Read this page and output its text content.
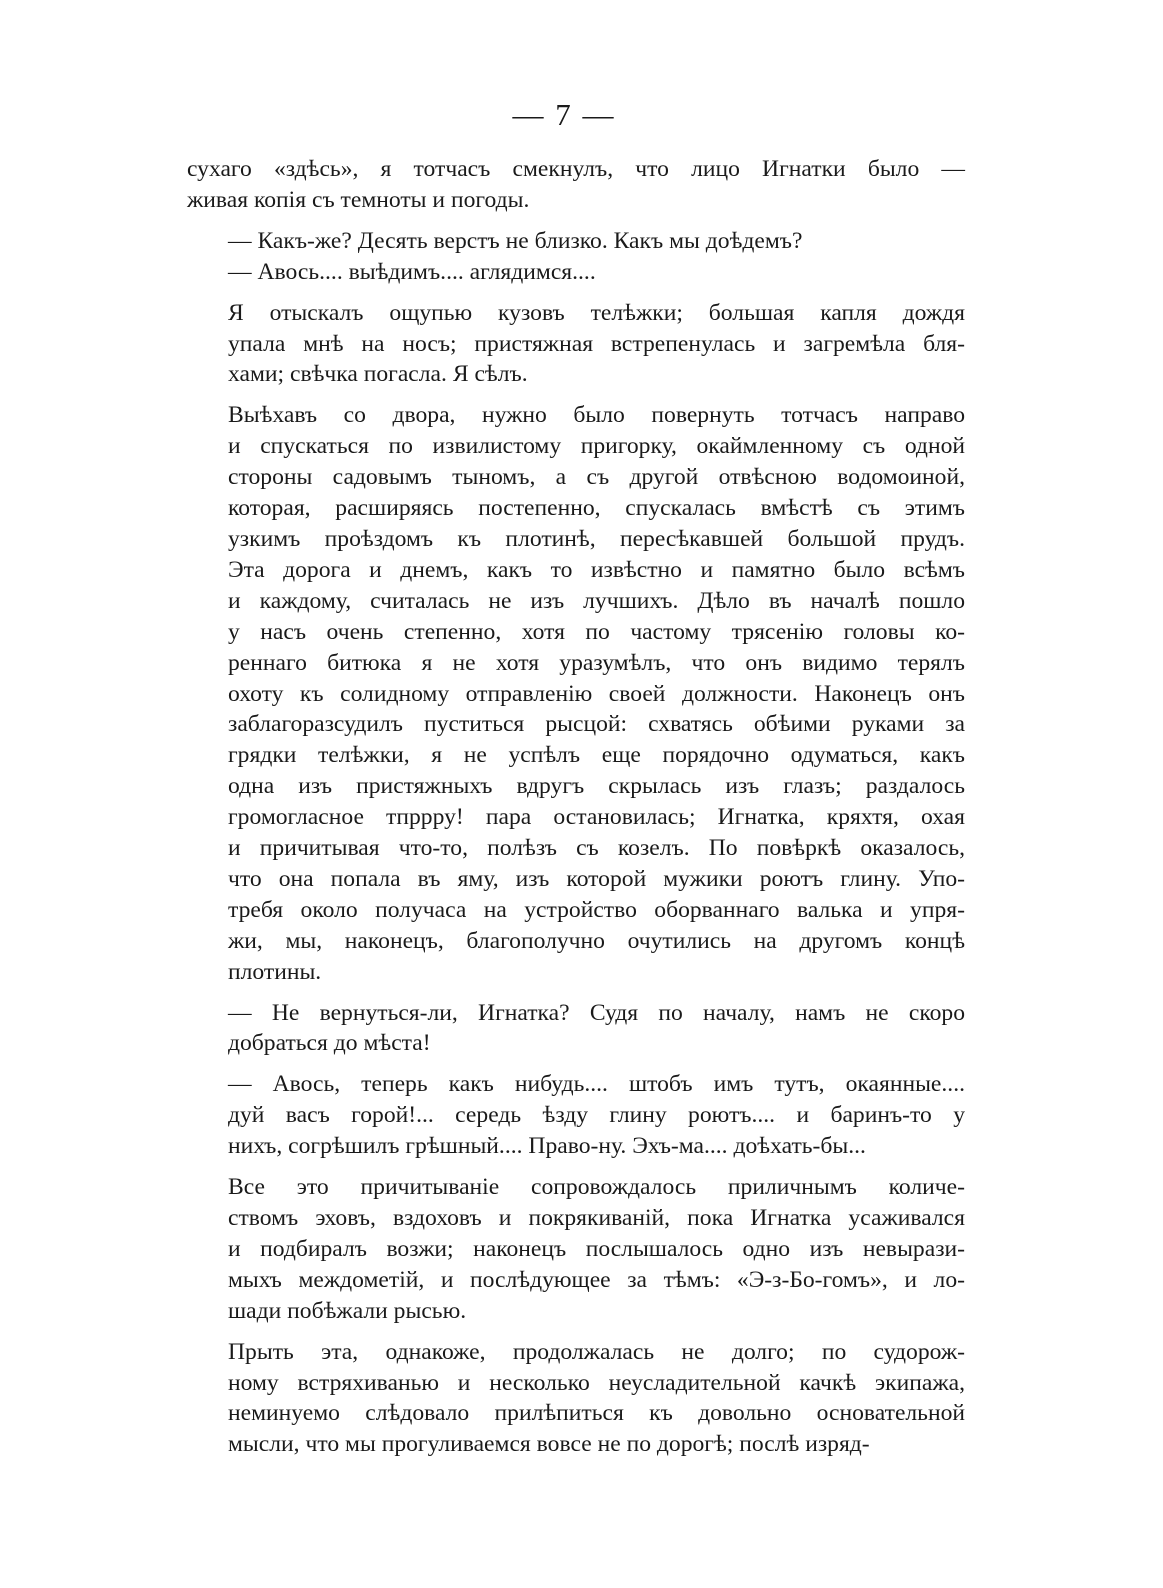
— 7 —
сухаго «здѣсь», я тотчасъ смекнулъ, что лицо Игнатки было —
живая копія съ темноты и погоды.
— Какъ-же? Десять верстъ не близко. Какъ мы доѣдемъ?
— Авось.... выѣдимъ.... аглядимся....
Я отыскалъ ощупью кузовъ телѣжки; большая капля дождя
упала мнѣ на носъ; пристяжная встрепенулась и загремѣла бля-
хами; свѣчка погасла. Я сѣлъ.
Выѣхавъ со двора, нужно было повернуть тотчасъ направо
и спускаться по извилистому пригорку, окаймленному съ одной
стороны садовымъ тыномъ, а съ другой отвѣсною водомоиной,
которая, расширяясь постепенно, спускалась вмѣстѣ съ этимъ
узкимъ проѣздомъ къ плотинѣ, пересѣкавшей большой прудъ.
Эта дорога и днемъ, какъ то извѣстно и памятно было всѣмъ
и каждому, считалась не изъ лучшихъ. Дѣло въ началѣ пошло
у насъ очень степенно, хотя по частому трясенію головы ко-
реннаго битюка я не хотя уразумѣлъ, что онъ видимо терялъ
охоту къ солидному отправленію своей должности. Наконецъ онъ
заблагоразсудилъ пуститься рысцой: схватясь обѣими руками за
грядки телѣжки, я не успѣлъ еще порядочно одуматься, какъ
одна изъ пристяжныхъ вдругъ скрылась изъ глазъ; раздалось
громогласное тпррру! пара остановилась; Игнатка, кряхтя, охая
и причитывая что-то, полѣзъ съ козелъ. По повѣркѣ оказалось,
что она попала въ яму, изъ которой мужики роютъ глину. Упо-
требя около получаса на устройство оборваннаго валька и упря-
жи, мы, наконецъ, благополучно очутились на другомъ концѣ
плотины.
— Не вернуться-ли, Игнатка? Судя по началу, намъ не скоро
добраться до мѣста!
— Авось, теперь какъ нибудь.... штобъ имъ тутъ, окаянные....
дуй васъ горой!... середь ѣзду глину роютъ.... и баринъ-то у
нихъ, согрѣшилъ грѣшный.... Право-ну. Эхъ-ма.... доѣхать-бы...
Все это причитываніе сопровождалось приличнымъ количе-
ствомъ эховъ, вздоховъ и покрякиваній, пока Игнатка усаживался
и подбиралъ возжи; наконецъ послышалось одно изъ невырази-
мыхъ междометій, и послѣдующее за тѣмъ: «Э-з-Бо-гомъ», и ло-
шади побѣжали рысью.
Прыть эта, однакоже, продолжалась не долго; по судорож-
ному встряхиванью и несколько неусладительной качкѣ экипажа,
неминуемо слѣдовало прилѣпиться къ довольно основательной
мысли, что мы прогуливаемся вовсе не по дорогѣ; послѣ изряд-
